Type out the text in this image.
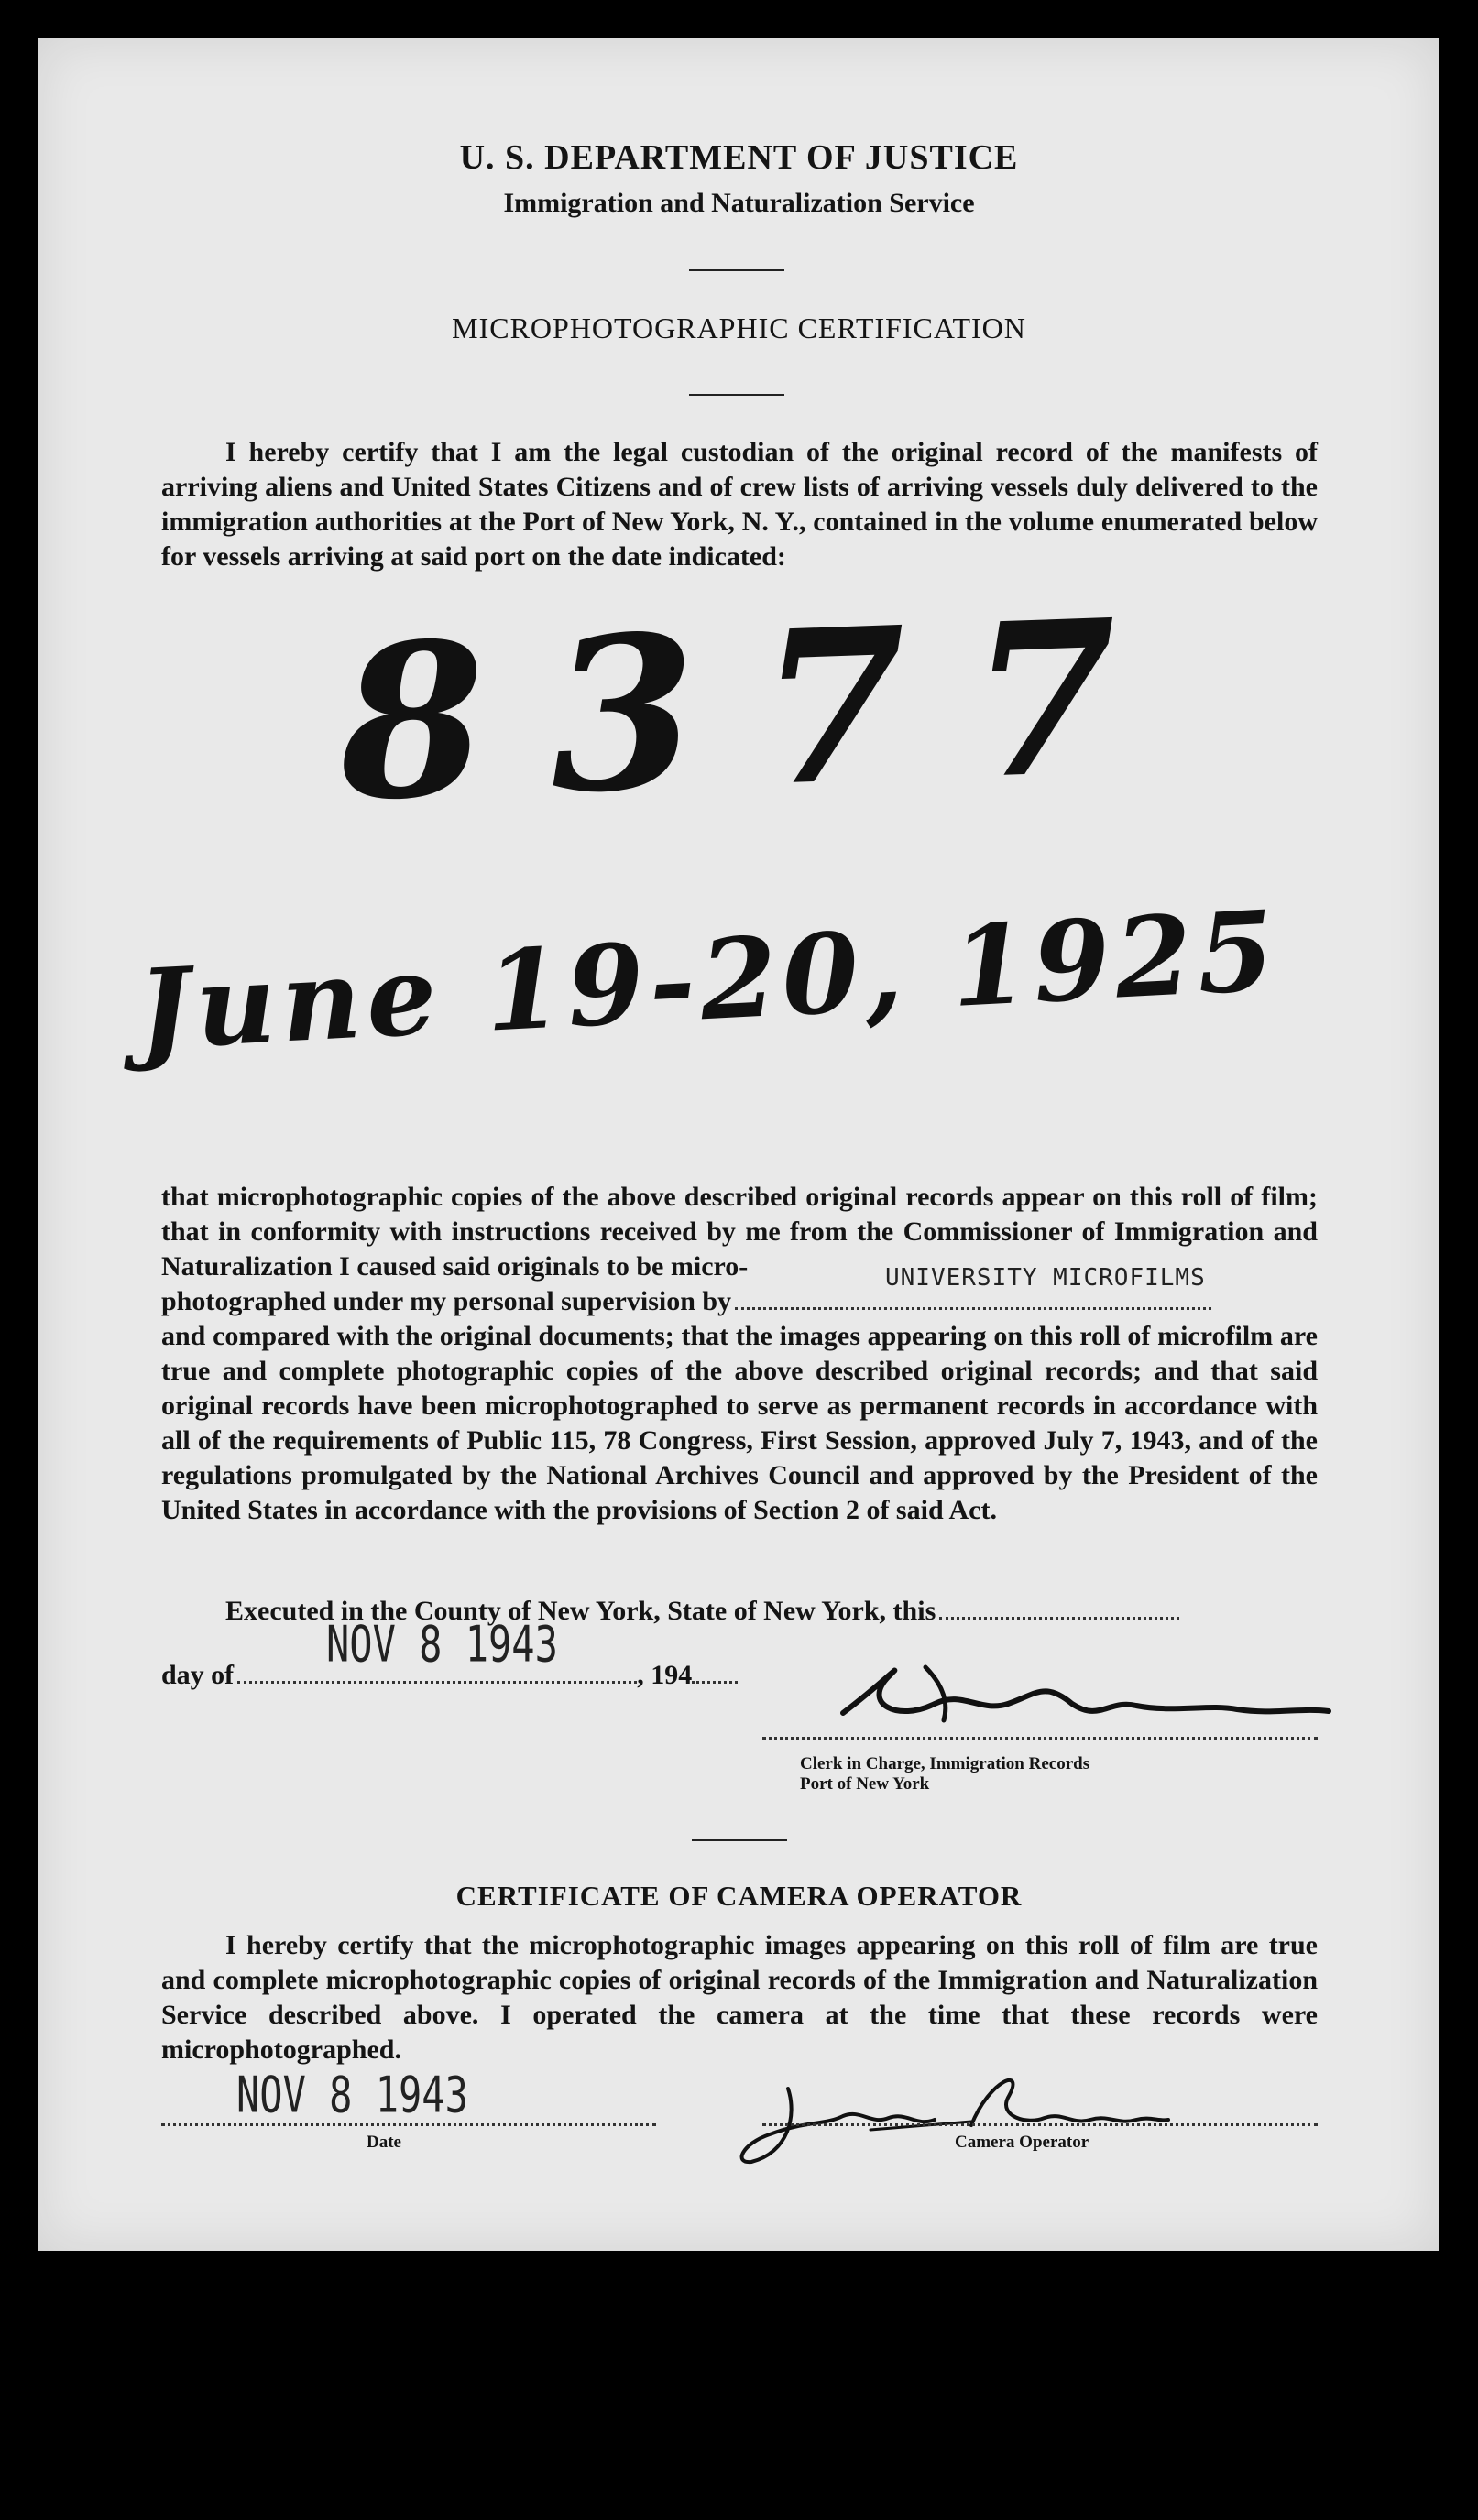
U. S. DEPARTMENT OF JUSTICE
Immigration and Naturalization Service
MICROPHOTOGRAPHIC CERTIFICATION

I hereby certify that I am the legal custodian of the original record of the manifests of arriving aliens and United States Citizens and of crew lists of arriving vessels duly delivered to the immigration authorities at the Port of New York, N. Y., contained in the volume enumerated below for vessels arriving at said port on the date indicated:

8377
June 19-20, 1925

that microphotographic copies of the above described original records appear on this roll of film; that in conformity with instructions received by me from the Commissioner of Immigration and Naturalization I caused said originals to be micro-

photographed under my personal supervision by
UNIVERSITY MICROFILMS

and compared with the original documents; that the images appearing on this roll of microfilm are true and complete photographic copies of the above described original records; and that said original records have been microphotographed to serve as permanent records in accordance with all of the requirements of Public 115, 78 Congress, First Session, approved July 7, 1943, and of the regulations promulgated by the National Archives Council and approved by the President of the United States in accordance with the provisions of Section 2 of said Act.

Executed in the County of New York, State of New York, this
day of	, 194
NOV 8 1943
Clerk in Charge, Immigration Records
Port of New York
CERTIFICATE OF CAMERA OPERATOR

I hereby certify that the microphotographic images appearing on this roll of film are true and complete microphotographic copies of original records of the Immigration and Naturalization Service described above. I operated the camera at the time that these records were microphotographed.

NOV 8 1943
Date	Camera Operator
